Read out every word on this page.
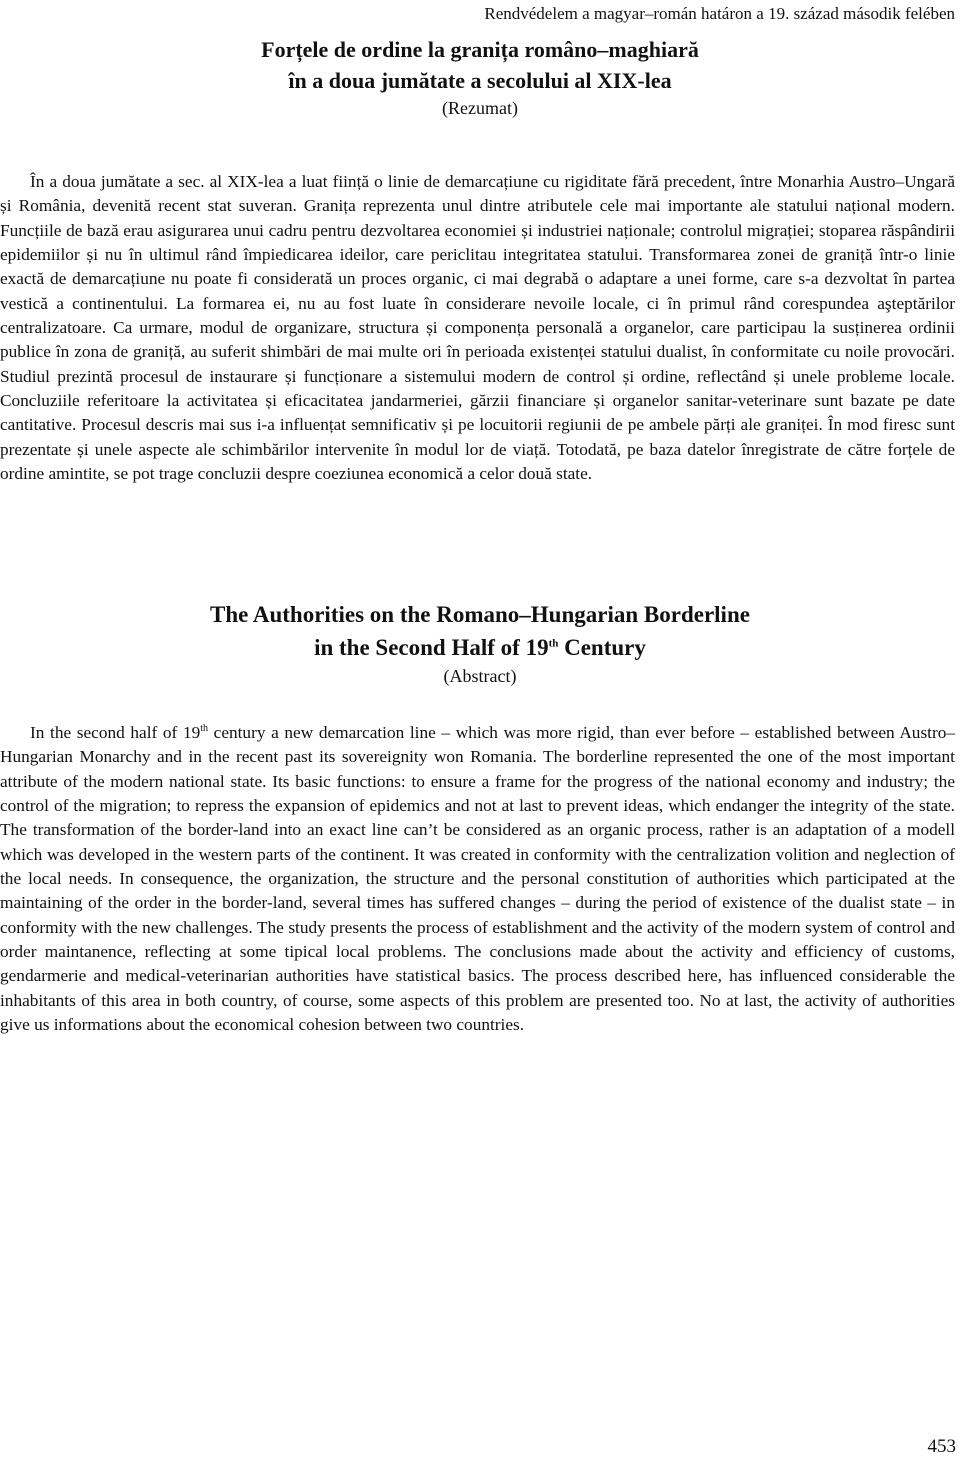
Rendvédelem a magyar–román határon a 19. század második felében
Forțele de ordine la granița româno–maghiară
în a doua jumătate a secolului al XIX-lea
(Rezumat)

În a doua jumătate a sec. al XIX-lea a luat ființă o linie de demarcațiune cu rigiditate fără precedent, între Monarhia Austro–Ungară și România, devenită recent stat suveran. Granița reprezenta unul dintre atributele cele mai importante ale statului național modern. Funcțiile de bază erau asigurarea unui cadru pentru dezvoltarea economiei și industriei naționale; controlul migrației; stoparea răspândirii epidemiilor și nu în ultimul rând împiedicarea ideilor, care periclitau integritatea statului. Transformarea zonei de graniță într-o linie exactă de demarcațiune nu poate fi considerată un proces organic, ci mai degrabă o adaptare a unei forme, care s-a dezvoltat în partea vestică a continentului. La formarea ei, nu au fost luate în considerare nevoile locale, ci în primul rând corespundea aşteptărilor centralizatoare. Ca urmare, modul de organizare, structura și componența personală a organelor, care participau la susținerea ordinii publice în zona de graniță, au suferit shimbări de mai multe ori în perioada existenței statului dualist, în conformitate cu noile provocări. Studiul prezintă procesul de instaurare și funcționare a sistemului modern de control și ordine, reflectând și unele probleme locale. Concluziile referitoare la activitatea și eficacitatea jandarmeriei, gărzii financiare și organelor sanitar-veterinare sunt bazate pe date cantitative. Procesul descris mai sus i-a influențat semnificativ și pe locuitorii regiunii de pe ambele părți ale graniței. În mod firesc sunt prezentate și unele aspecte ale schimbărilor intervenite în modul lor de viață. Totodată, pe baza datelor înregistrate de către forțele de ordine amintite, se pot trage concluzii despre coeziunea economică a celor două state.

The Authorities on the Romano–Hungarian Borderline
in the Second Half of 19th Century
(Abstract)

In the second half of 19th century a new demarcation line – which was more rigid, than ever before – established between Austro–Hungarian Monarchy and in the recent past its sovereignity won Romania. The borderline represented the one of the most important attribute of the modern national state. Its basic functions: to ensure a frame for the progress of the national economy and industry; the control of the migration; to repress the expansion of epidemics and not at last to prevent ideas, which endanger the integrity of the state. The transformation of the border-land into an exact line can’t be considered as an organic process, rather is an adaptation of a modell which was developed in the western parts of the continent. It was created in conformity with the centralization volition and neglection of the local needs. In consequence, the organization, the structure and the personal constitution of authorities which participated at the maintaining of the order in the border-land, several times has suffered changes – during the period of existence of the dualist state – in conformity with the new challenges. The study presents the process of establishment and the activity of the modern system of control and order maintanence, reflecting at some tipical local problems. The conclusions made about the activity and efficiency of customs, gendarmerie and medical-veterinarian authorities have statistical basics. The process described here, has influenced considerable the inhabitants of this area in both country, of course, some aspects of this problem are presented too. No at last, the activity of authorities give us informations about the economical cohesion between two countries.

453
